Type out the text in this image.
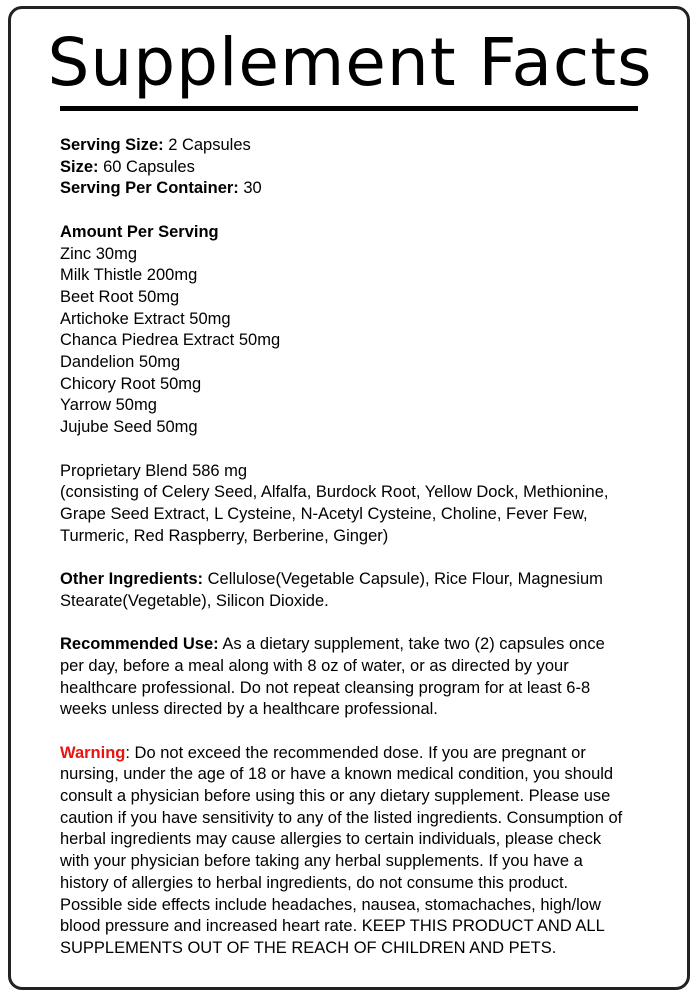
Supplement Facts

Serving Size: 2 Capsules

Size: 60 Capsules

Serving Per Container: 30

Amount Per Serving

Zinc 30mg

Milk Thistle 200mg

Beet Root 50mg

Artichoke Extract 50mg

Chanca Piedrea Extract 50mg

Dandelion 50mg

Chicory Root 50mg

Yarrow 50mg

Jujube Seed 50mg

Proprietary Blend 586 mg

(consisting of Celery Seed, Alfalfa, Burdock Root, Yellow Dock, Methionine,

Grape Seed Extract, L Cysteine, N-Acetyl Cysteine, Choline, Fever Few,

Turmeric, Red Raspberry, Berberine, Ginger)

Other Ingredients: Cellulose(Vegetable Capsule), Rice Flour, Magnesium

Stearate(Vegetable), Silicon Dioxide.

Recommended Use: As a dietary supplement, take two (2) capsules once

per day, before a meal along with 8 oz of water, or as directed by your

healthcare professional. Do not repeat cleansing program for at least 6-8

weeks unless directed by a healthcare professional.

Warning: Do not exceed the recommended dose. If you are pregnant or

nursing, under the age of 18 or have a known medical condition, you should

consult a physician before using this or any dietary supplement. Please use

caution if you have sensitivity to any of the listed ingredients. Consumption of

herbal ingredients may cause allergies to certain individuals, please check

with your physician before taking any herbal supplements. If you have a

history of allergies to herbal ingredients, do not consume this product.

Possible side effects include headaches, nausea, stomachaches, high/low

blood pressure and increased heart rate. KEEP THIS PRODUCT AND ALL

SUPPLEMENTS OUT OF THE REACH OF CHILDREN AND PETS.
